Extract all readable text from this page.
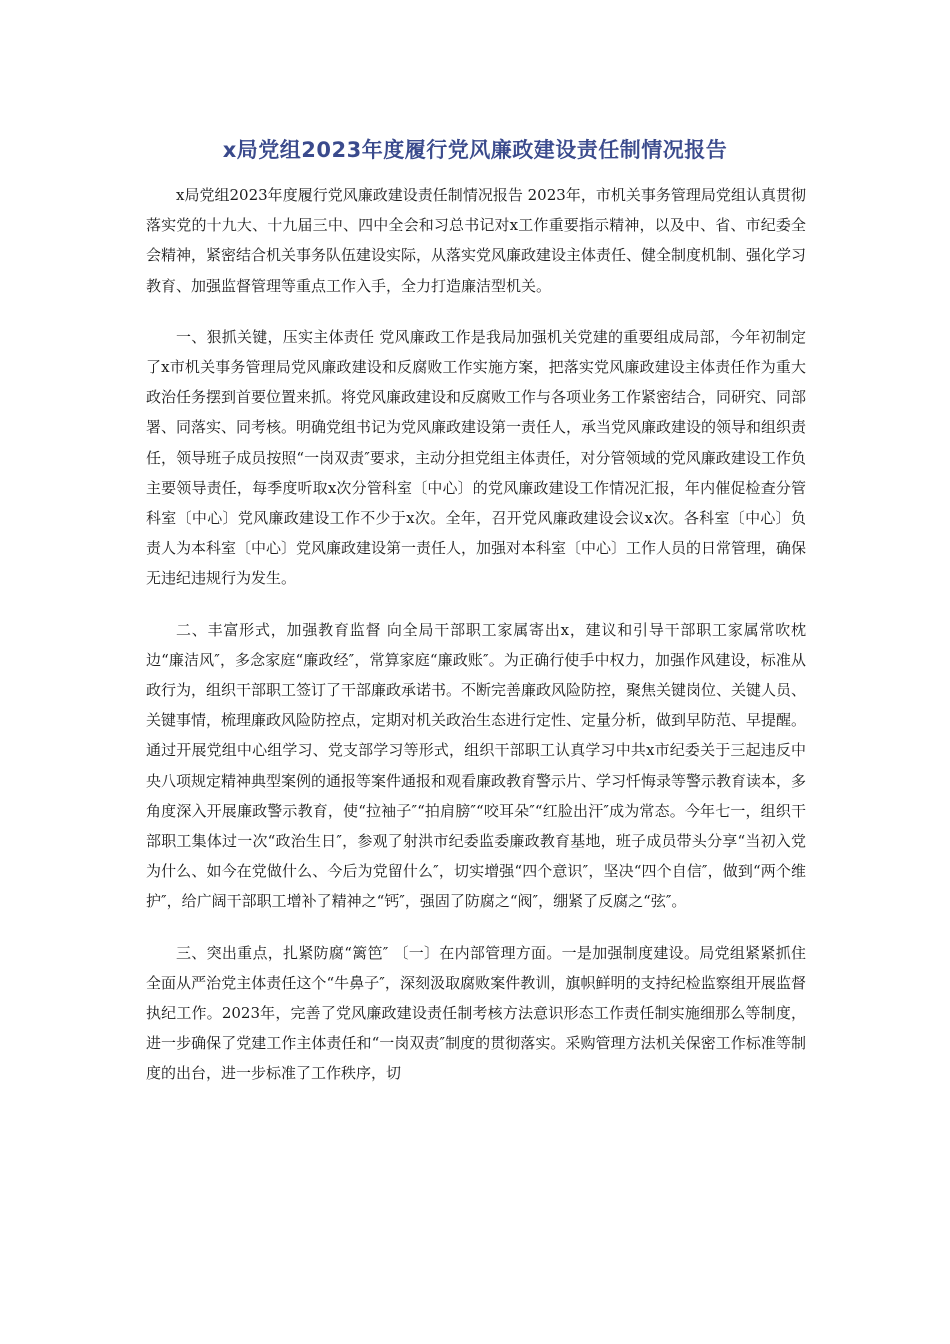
x局党组2023年度履行党风廉政建设责任制情况报告

x局党组2023年度履行党风廉政建设责任制情况报告 2023年，市机关事务管理局党组认真贯彻落实党的十九大、十九届三中、四中全会和习总书记对x工作重要指示精神，以及中、省、市纪委全会精神，紧密结合机关事务队伍建设实际，从落实党风廉政建设主体责任、健全制度机制、强化学习教育、加强监督管理等重点工作入手，全力打造廉洁型机关。

一、狠抓关键，压实主体责任 党风廉政工作是我局加强机关党建的重要组成局部，今年初制定了x市机关事务管理局党风廉政建设和反腐败工作实施方案，把落实党风廉政建设主体责任作为重大政治任务摆到首要位置来抓。将党风廉政建设和反腐败工作与各项业务工作紧密结合，同研究、同部署、同落实、同考核。明确党组书记为党风廉政建设第一责任人，承当党风廉政建设的领导和组织责任，领导班子成员按照“一岗双责″要求，主动分担党组主体责任，对分管领域的党风廉政建设工作负主要领导责任，每季度听取x次分管科室〔中心〕的党风廉政建设工作情况汇报，年内催促检查分管科室〔中心〕党风廉政建设工作不少于x次。全年，召开党风廉政建设会议x次。各科室〔中心〕负责人为本科室〔中心〕党风廉政建设第一责任人，加强对本科室〔中心〕工作人员的日常管理，确保无违纪违规行为发生。

二、丰富形式，加强教育监督 向全局干部职工家属寄出x，建议和引导干部职工家属常吹枕边“廉洁风″，多念家庭“廉政经″，常算家庭“廉政账″。为正确行使手中权力，加强作风建设，标准从政行为，组织干部职工签订了干部廉政承诺书。不断完善廉政风险防控，聚焦关键岗位、关键人员、关键事情，梳理廉政风险防控点，定期对机关政治生态进行定性、定量分析，做到早防范、早提醒。通过开展党组中心组学习、党支部学习等形式，组织干部职工认真学习中共x市纪委关于三起违反中央八项规定精神典型案例的通报等案件通报和观看廉政教育警示片、学习忏悔录等警示教育读本，多角度深入开展廉政警示教育，使“拉袖子″“拍肩膀″“咬耳朵″“红脸出汗″成为常态。今年七一，组织干部职工集体过一次“政治生日″，参观了射洪市纪委监委廉政教育基地，班子成员带头分享“当初入党为什么、如今在党做什么、今后为党留什么″，切实增强“四个意识″，坚决“四个自信″，做到“两个维护″，给广阔干部职工增补了精神之“钙″，强固了防腐之“阀″，绷紧了反腐之“弦″。

三、突出重点，扎紧防腐“篱笆″ 〔一〕在内部管理方面。一是加强制度建设。局党组紧紧抓住全面从严治党主体责任这个“牛鼻子″，深刻汲取腐败案件教训，旗帜鲜明的支持纪检监察组开展监督执纪工作。2023年，完善了党风廉政建设责任制考核方法意识形态工作责任制实施细那么等制度，进一步确保了党建工作主体责任和“一岗双责″制度的贯彻落实。采购管理方法机关保密工作标准等制度的出台，进一步标准了工作秩序，切
